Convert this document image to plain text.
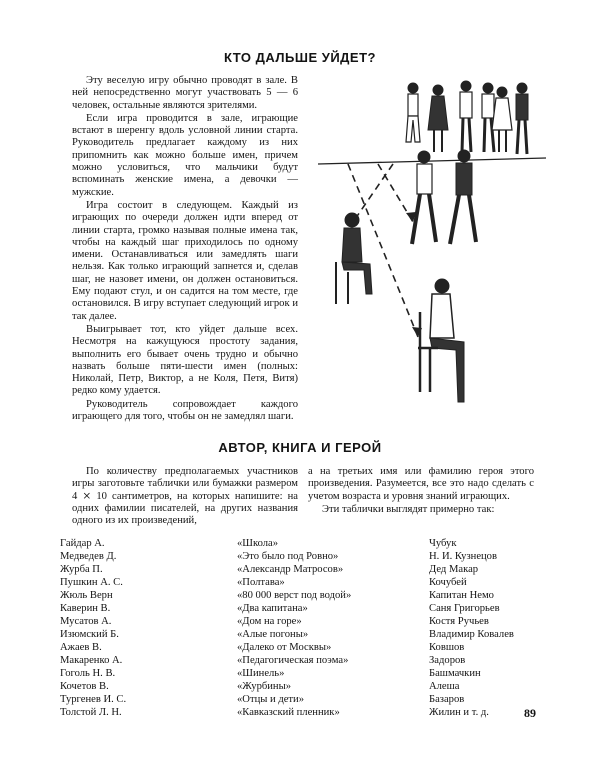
КТО ДАЛЬШЕ УЙДЕТ?

Эту веселую игру обычно проводят в зале. В ней непосредственно могут участвовать 5 — 6 человек, остальные являются зрителями.

Если игра проводится в зале, играющие встают в шеренгу вдоль условной линии старта. Руководитель предлагает каждому из них припомнить как можно больше имен, причем можно условиться, что мальчики будут вспоминать женские имена, а девочки — мужские.

Игра состоит в следующем. Каждый из играющих по очереди должен идти вперед от линии старта, громко называя полные имена так, чтобы на каждый шаг приходилось по одному имени. Останавливаться или замедлять шаги нельзя. Как только играющий запнется и, сделав шаг, не назовет имени, он должен остановиться. Ему подают стул, и он садится на том месте, где остановился. В игру вступает следующий игрок и так далее.

Выигрывает тот, кто уйдет дальше всех. Несмотря на кажущуюся простоту задания, выполнить его бывает очень трудно и обычно назвать больше пяти-шести имен (полных: Николай, Петр, Виктор, а не Коля, Петя, Витя) редко кому удается.

Руководитель сопровождает каждого играющего для того, чтобы он не замедлял шаги.

АВТОР, КНИГА И ГЕРОЙ

По количеству предполагаемых участников игры заготовьте таблички или бумажки размером 4 ⨯ 10 сантиметров, на которых напишите: на одних фамилии писателей, на других названия одного из их произведений,

а на третьих имя или фамилию героя этого произведения. Разумеется, все это надо сделать с учетом возраста и уровня знаний играющих.

Эти таблички выглядят примерно так:

Гайдар А.
Медведев Д.
Журба П.
Пушкин А. С.
Жюль Верн
Каверин В.
Мусатов А.
Изюмский Б.
Ажаев В.
Макаренко А.
Гоголь Н. В.
Кочетов В.
Тургенев И. С.
Толстой Л. Н.
«Школа»
«Это было под Ровно»
«Александр Матросов»
«Полтава»
«80 000 верст под водой»
«Два капитана»
«Дом на горе»
«Алые погоны»
«Далеко от Москвы»
«Педагогическая поэма»
«Шинель»
«Журбины»
«Отцы и дети»
«Кавказский пленник»
Чубук
Н. И. Кузнецов
Дед Макар
Кочубей
Капитан Немо
Саня Григорьев
Костя Ручьев
Владимир Ковалев
Ковшов
Задоров
Башмачкин
Алеша
Базаров
Жилин и т. д.	89
